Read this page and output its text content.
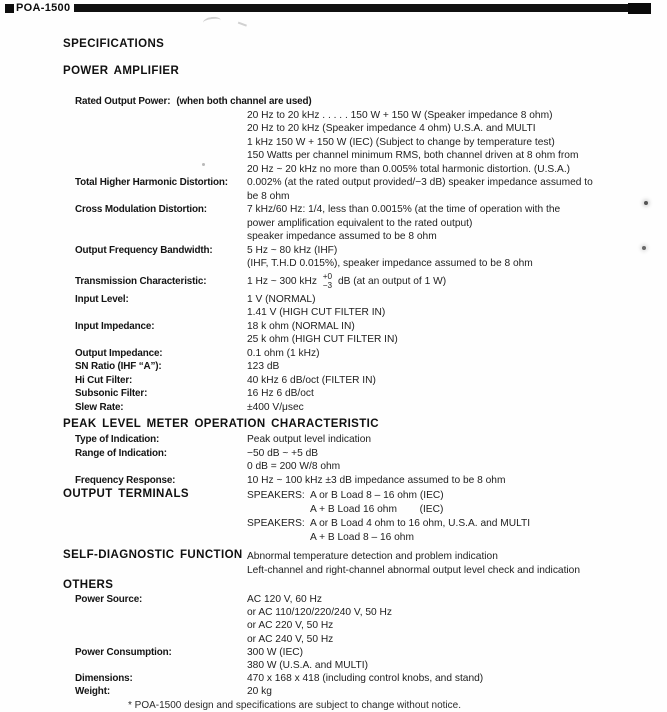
POA-1500
SPECIFICATIONS
POWER AMPLIFIER
Rated Output Power: (when both channel are used)
20 Hz to 20 kHz . . . . . 150 W + 150 W (Speaker impedance 8 ohm)
20 Hz to 20 kHz (Speaker impedance 4 ohm) U.S.A. and MULTI
1 kHz 150 W + 150 W (IEC) (Subject to change by temperature test)
150 Watts per channel minimum RMS, both channel driven at 8 ohm from
20 Hz ~ 20 kHz no more than 0.005% total harmonic distortion. (U.S.A.)
Total Higher Harmonic Distortion:	0.002% (at the rated output provided/−3 dB) speaker impedance assumed to
be 8 ohm
Cross Modulation Distortion:	7 kHz/60 Hz: 1/4, less than 0.0015% (at the time of operation with the
power amplification equivalent to the rated output)
speaker impedance assumed to be 8 ohm
Output Frequency Bandwidth:	5 Hz ~ 80 kHz (IHF)
(IHF, T.H.D 0.015%), speaker impedance assumed to be 8 ohm
Transmission Characteristic:	1 Hz ~ 300 kHz +0
−3 dB (at an output of 1 W)
Input Level:	1 V (NORMAL)
1.41 V (HIGH CUT FILTER IN)
Input Impedance:	18 k ohm (NORMAL IN)
25 k ohm (HIGH CUT FILTER IN)
Output Impedance:	0.1 ohm (1 kHz)
SN Ratio (IHF “A”):	123 dB
Hi Cut Filter:	40 kHz 6 dB/oct (FILTER IN)
Subsonic Filter:	16 Hz 6 dB/oct
Slew Rate:	±400 V/μsec
PEAK LEVEL METER OPERATION CHARACTERISTIC
Type of Indication:	Peak output level indication
Range of Indication:	−50 dB ~ +5 dB
0 dB = 200 W/8 ohm
Frequency Response:	10 Hz ~ 100 kHz ±3 dB impedance assumed to be 8 ohm
OUTPUT TERMINALS	SPEAKERS: A or B Load 8 – 16 ohm (IEC)
A + B Load 16 ohm        (IEC)
SPEAKERS: A or B Load 4 ohm to 16 ohm, U.S.A. and MULTI
A + B Load 8 – 16 ohm
SELF-DIAGNOSTIC FUNCTION Abnormal temperature detection and problem indication
Left-channel and right-channel abnormal output level check and indication
OTHERS
Power Source:	AC 120 V, 60 Hz
or AC 110/120/220/240 V, 50 Hz
or AC 220 V, 50 Hz
or AC 240 V, 50 Hz
Power Consumption:	300 W (IEC)
380 W (U.S.A. and MULTI)
Dimensions:	470 x 168 x 418 (including control knobs, and stand)
Weight:	20 kg
* POA-1500 design and specifications are subject to change without notice.
